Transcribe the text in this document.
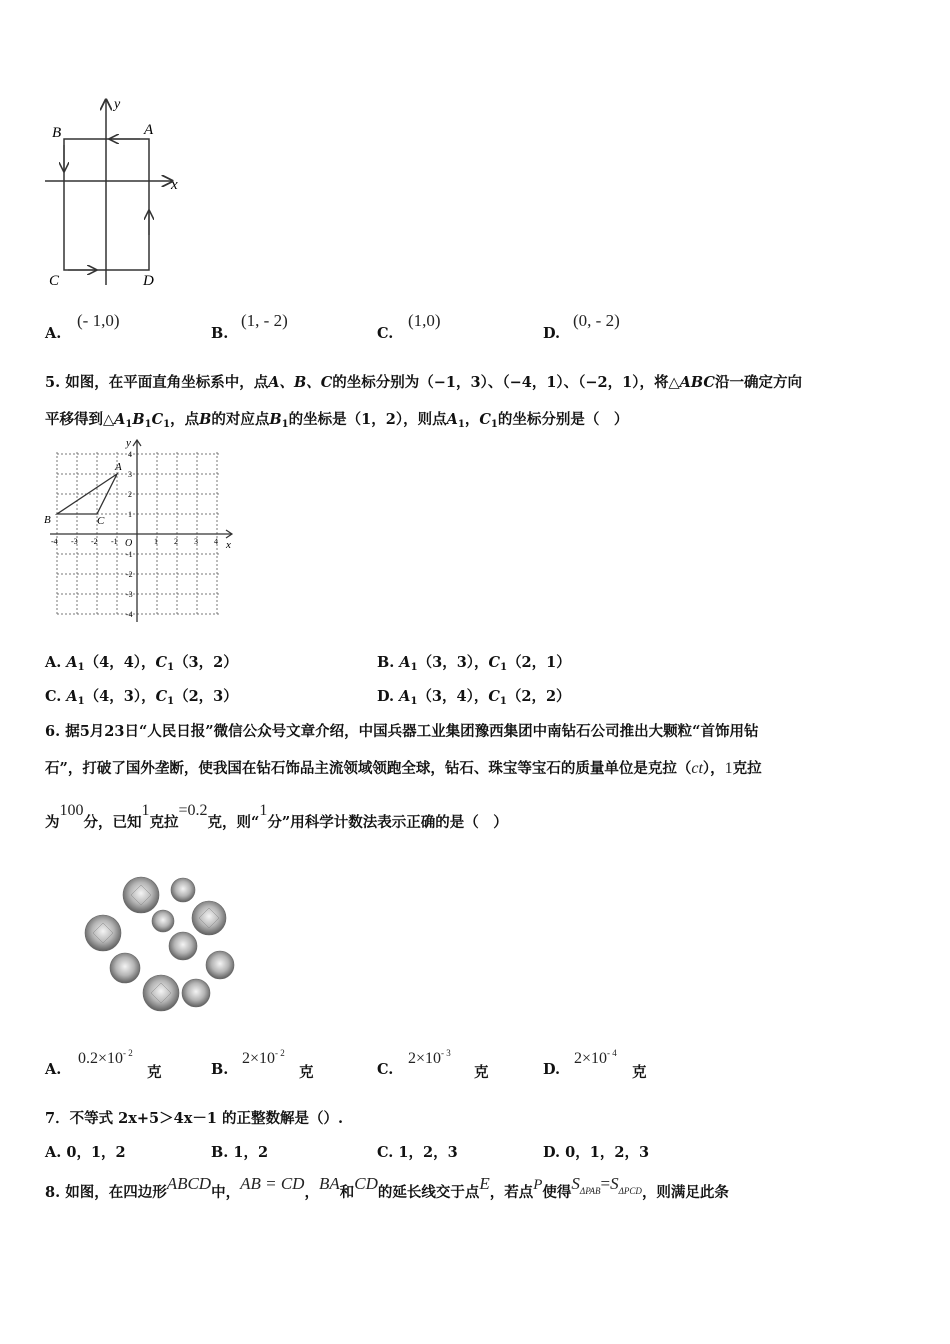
y
x
A
B
C	D
A.
(- 1,0)
B.
(1, - 2)
C.
(1,0)
D.
(0, - 2)
5. 如图，在平面直角坐标系中，点A、B、C的坐标分别为（−1，3）、（−4，1）、（−2，1），将△ABC沿一确定方向
平移得到$\triangle A_1B_1C_1$，点B的对应点$B_1$的坐标是（1，2），则点$A_1$，$C_1$的坐标分别是（　）
y
x
O
A
B	C
-4 -3 -2 -1	1 2 3 4
4
3
2
1
-1
-2
-3
-4
A. $A_1(4$，4），$C_1(3$，2）	B. $A_1(3$，3），$C_1(2$，1）
C. $A_1(4$，3），$C_1(2$，3）	D. $A_1(3$，4），$C_1(2$，2）
6. 据5月23日“人民日报”微信公众号文章介绍，中国兵器工业集团豫西集团中南钻石公司推出大颗粒“首饰用钻
石”，打破了国外垄断，使我国在钻石饰品主流领域领跑全球，钻石、珠宝等宝石的质量单位是克拉（ct），1克拉
为100分，已知1克拉=0.2克，则“1分”用科学计数法表示正确的是（　）
A.
$0.2\times 10^{- 2}$
克	B.
$2\times 10^{- 2}$
克	C.
$2\times 10^{- 3}$
克	D.
$2\times 10^{- 4}$
克
7．不等式 2x+5＞4x－1 的正整数解是（）.
A. 0，1，2	B. 1，2	C. 1，2，3	D. 0，1，2，3
8. 如图，在四边形ABCD中，AB = CD，BA和CD的延长线交于点E，若点P使得$S^{\Delta PAB}=S^{\Delta PCD}$，则满足此条
